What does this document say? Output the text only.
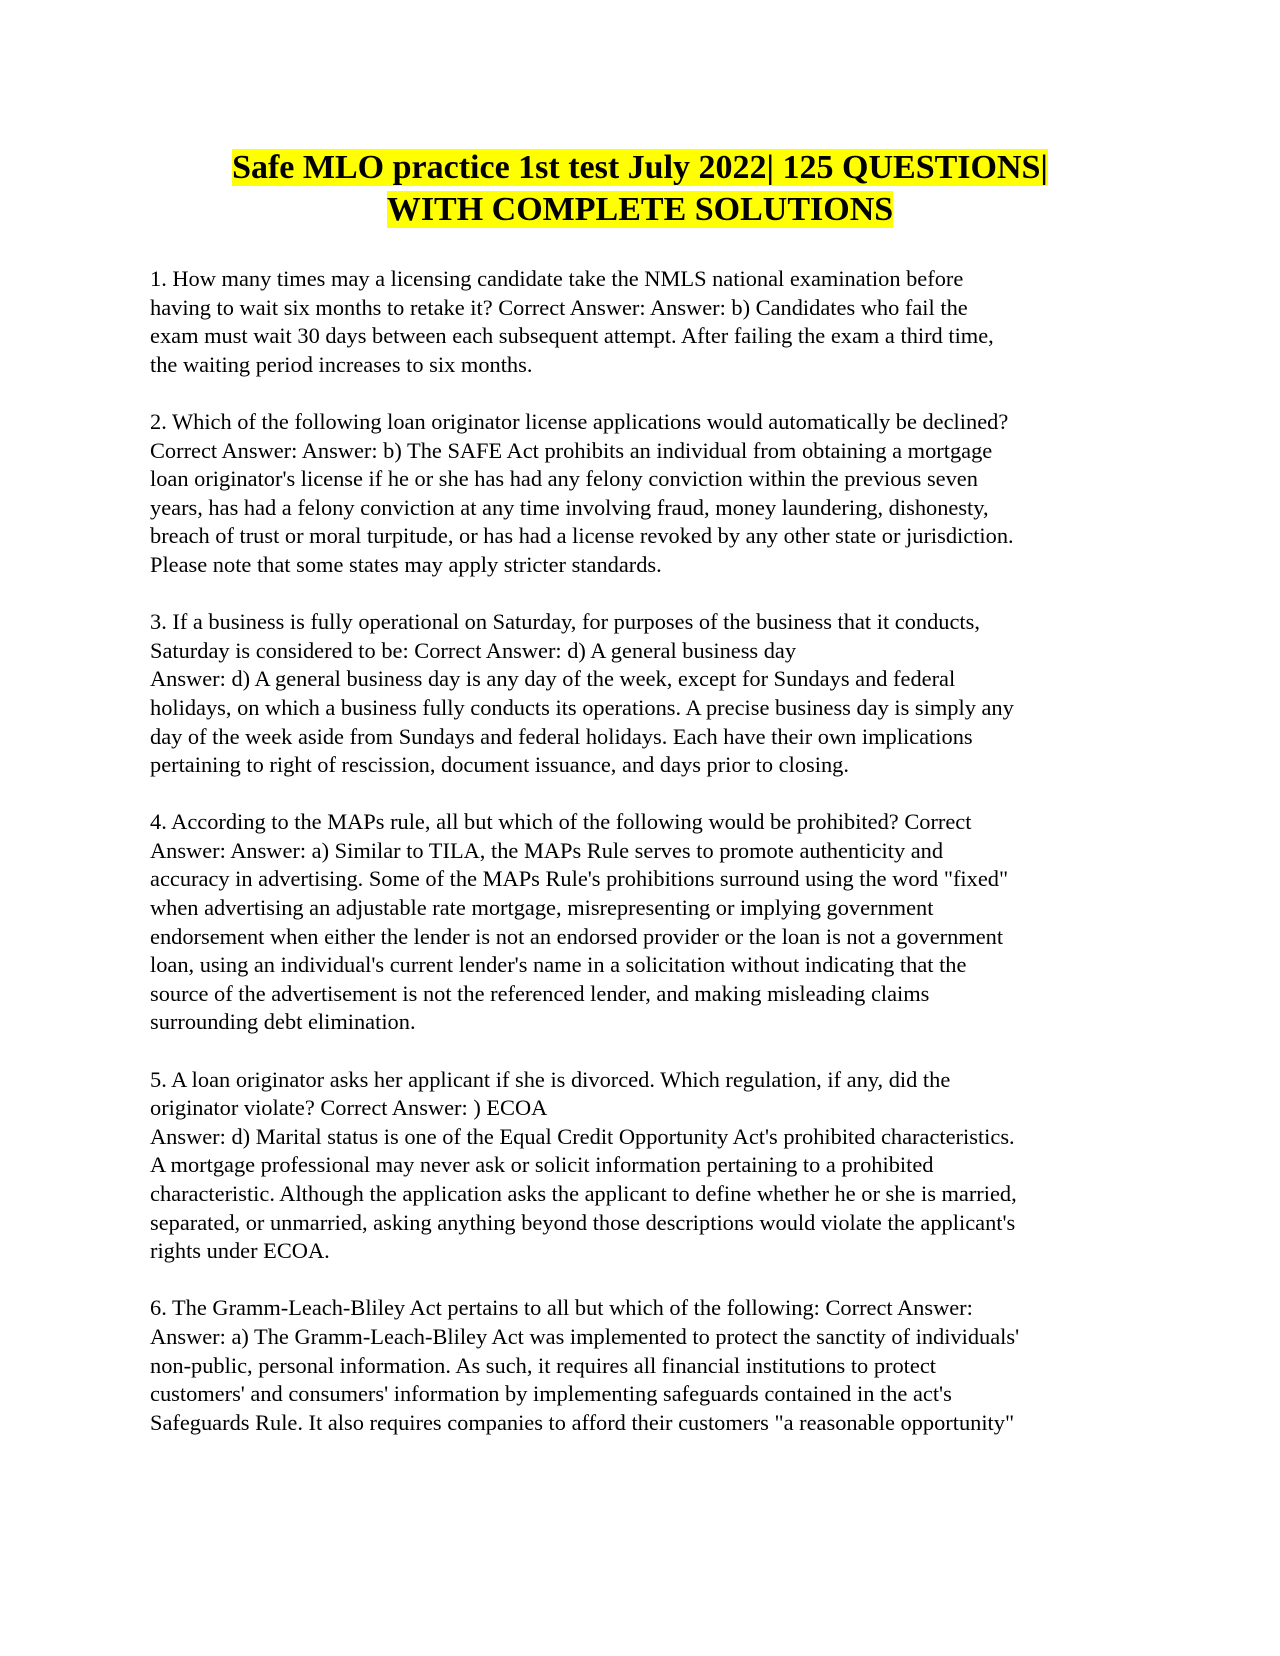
Safe MLO practice 1st test July 2022| 125 QUESTIONS|
WITH COMPLETE SOLUTIONS
1. How many times may a licensing candidate take the NMLS national examination before
having to wait six months to retake it? Correct Answer: Answer: b) Candidates who fail the
exam must wait 30 days between each subsequent attempt. After failing the exam a third time,
the waiting period increases to six months.
2. Which of the following loan originator license applications would automatically be declined?
Correct Answer: Answer: b) The SAFE Act prohibits an individual from obtaining a mortgage
loan originator's license if he or she has had any felony conviction within the previous seven
years, has had a felony conviction at any time involving fraud, money laundering, dishonesty,
breach of trust or moral turpitude, or has had a license revoked by any other state or jurisdiction.
Please note that some states may apply stricter standards.
3. If a business is fully operational on Saturday, for purposes of the business that it conducts,
Saturday is considered to be: Correct Answer: d) A general business day
Answer: d) A general business day is any day of the week, except for Sundays and federal
holidays, on which a business fully conducts its operations. A precise business day is simply any
day of the week aside from Sundays and federal holidays. Each have their own implications
pertaining to right of rescission, document issuance, and days prior to closing.
4. According to the MAPs rule, all but which of the following would be prohibited? Correct
Answer: Answer: a) Similar to TILA, the MAPs Rule serves to promote authenticity and
accuracy in advertising. Some of the MAPs Rule's prohibitions surround using the word "fixed"
when advertising an adjustable rate mortgage, misrepresenting or implying government
endorsement when either the lender is not an endorsed provider or the loan is not a government
loan, using an individual's current lender's name in a solicitation without indicating that the
source of the advertisement is not the referenced lender, and making misleading claims
surrounding debt elimination.
5. A loan originator asks her applicant if she is divorced. Which regulation, if any, did the
originator violate? Correct Answer: ) ECOA
Answer: d) Marital status is one of the Equal Credit Opportunity Act's prohibited characteristics.
A mortgage professional may never ask or solicit information pertaining to a prohibited
characteristic. Although the application asks the applicant to define whether he or she is married,
separated, or unmarried, asking anything beyond those descriptions would violate the applicant's
rights under ECOA.
6. The Gramm-Leach-Bliley Act pertains to all but which of the following: Correct Answer:
Answer: a) The Gramm-Leach-Bliley Act was implemented to protect the sanctity of individuals'
non-public, personal information. As such, it requires all financial institutions to protect
customers' and consumers' information by implementing safeguards contained in the act's
Safeguards Rule. It also requires companies to afford their customers "a reasonable opportunity"
